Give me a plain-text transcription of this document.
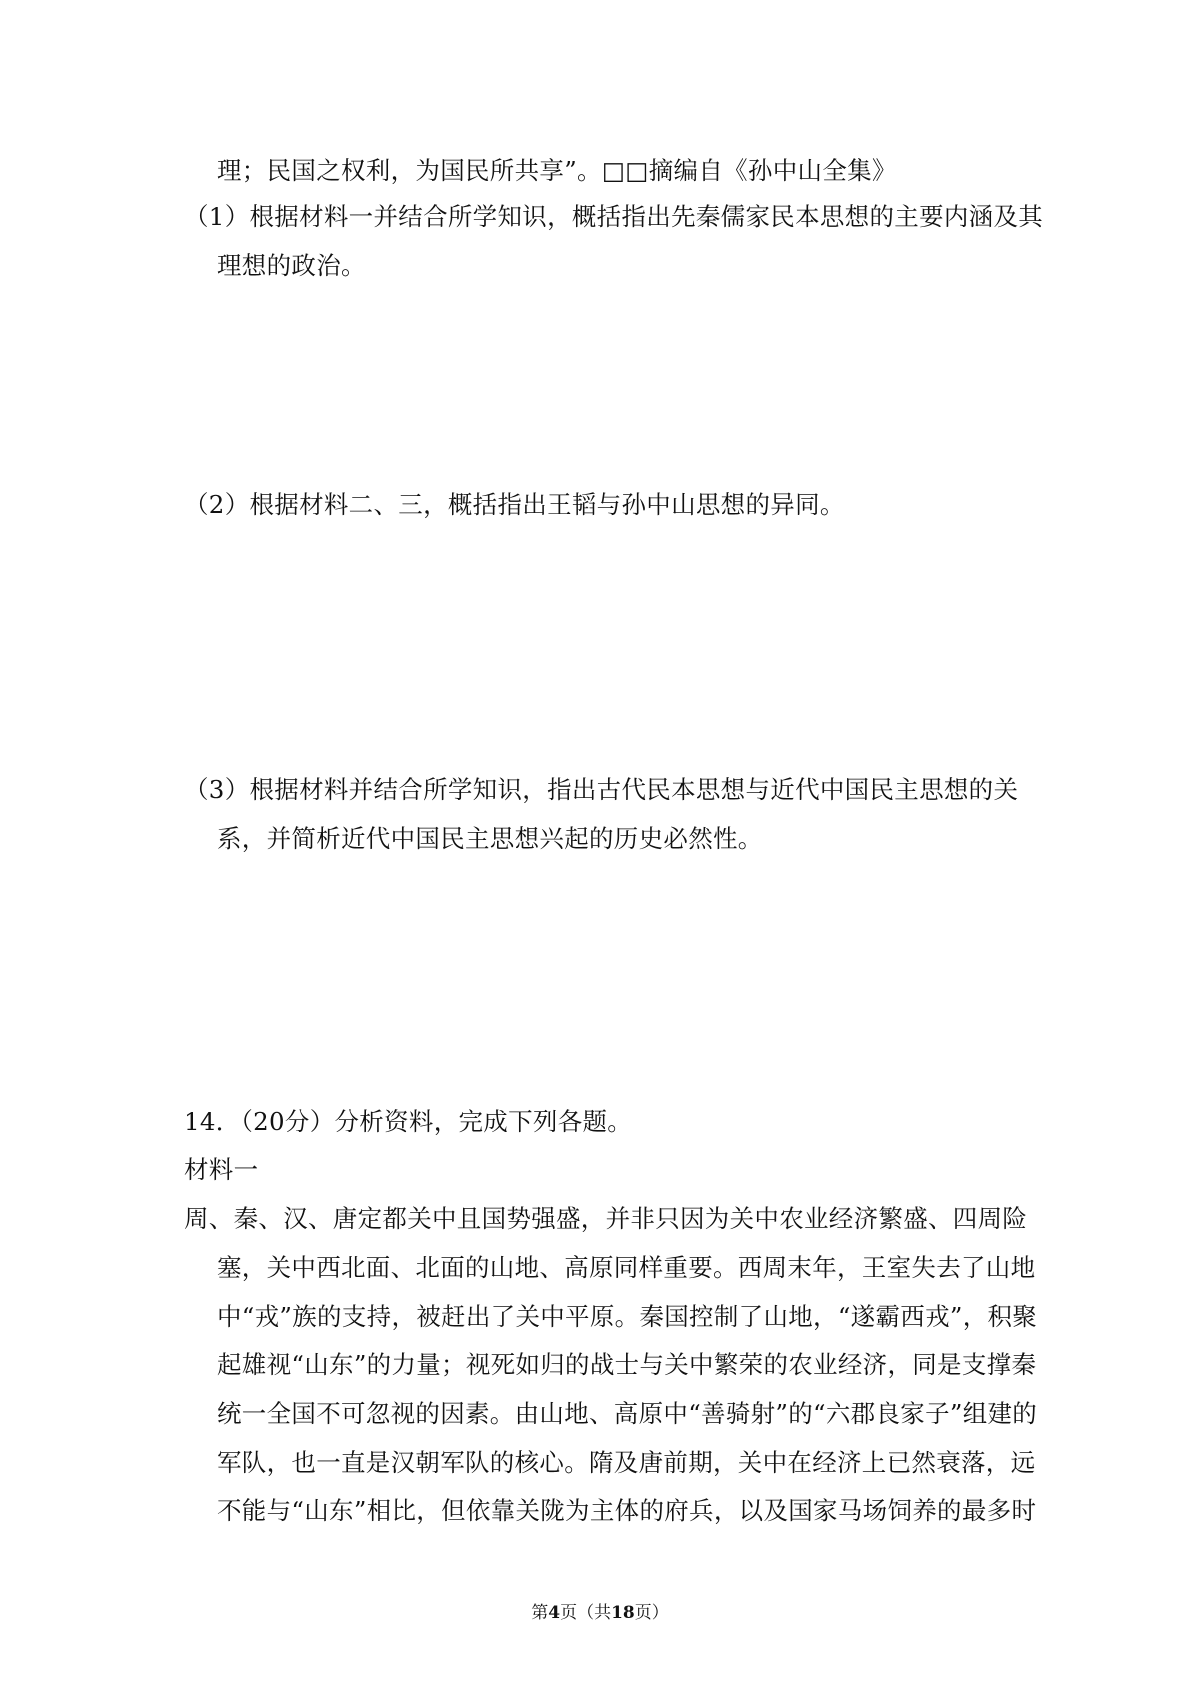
理；民国之权利，为国民所共享”。□□摘编自《孙中山全集》
（1）根据材料一并结合所学知识，概括指出先秦儒家民本思想的主要内涵及其
理想的政治。
（2）根据材料二、三，概括指出王韬与孙中山思想的异同。
（3）根据材料并结合所学知识，指出古代民本思想与近代中国民主思想的关
系，并简析近代中国民主思想兴起的历史必然性。
14．（20分）分析资料，完成下列各题。
材料一
周、秦、汉、唐定都关中且国势强盛，并非只因为关中农业经济繁盛、四周险
塞，关中西北面、北面的山地、高原同样重要。西周末年，王室失去了山地
中“戎”族的支持，被赶出了关中平原。秦国控制了山地，“遂霸西戎”，积聚
起雄视“山东”的力量；视死如归的战士与关中繁荣的农业经济，同是支撑秦
统一全国不可忽视的因素。由山地、高原中“善骑射”的“六郡良家子”组建的
军队，也一直是汉朝军队的核心。隋及唐前期，关中在经济上已然衰落，远
不能与“山东”相比，但依靠关陇为主体的府兵，以及国家马场饲养的最多时
第4页（共18页）
